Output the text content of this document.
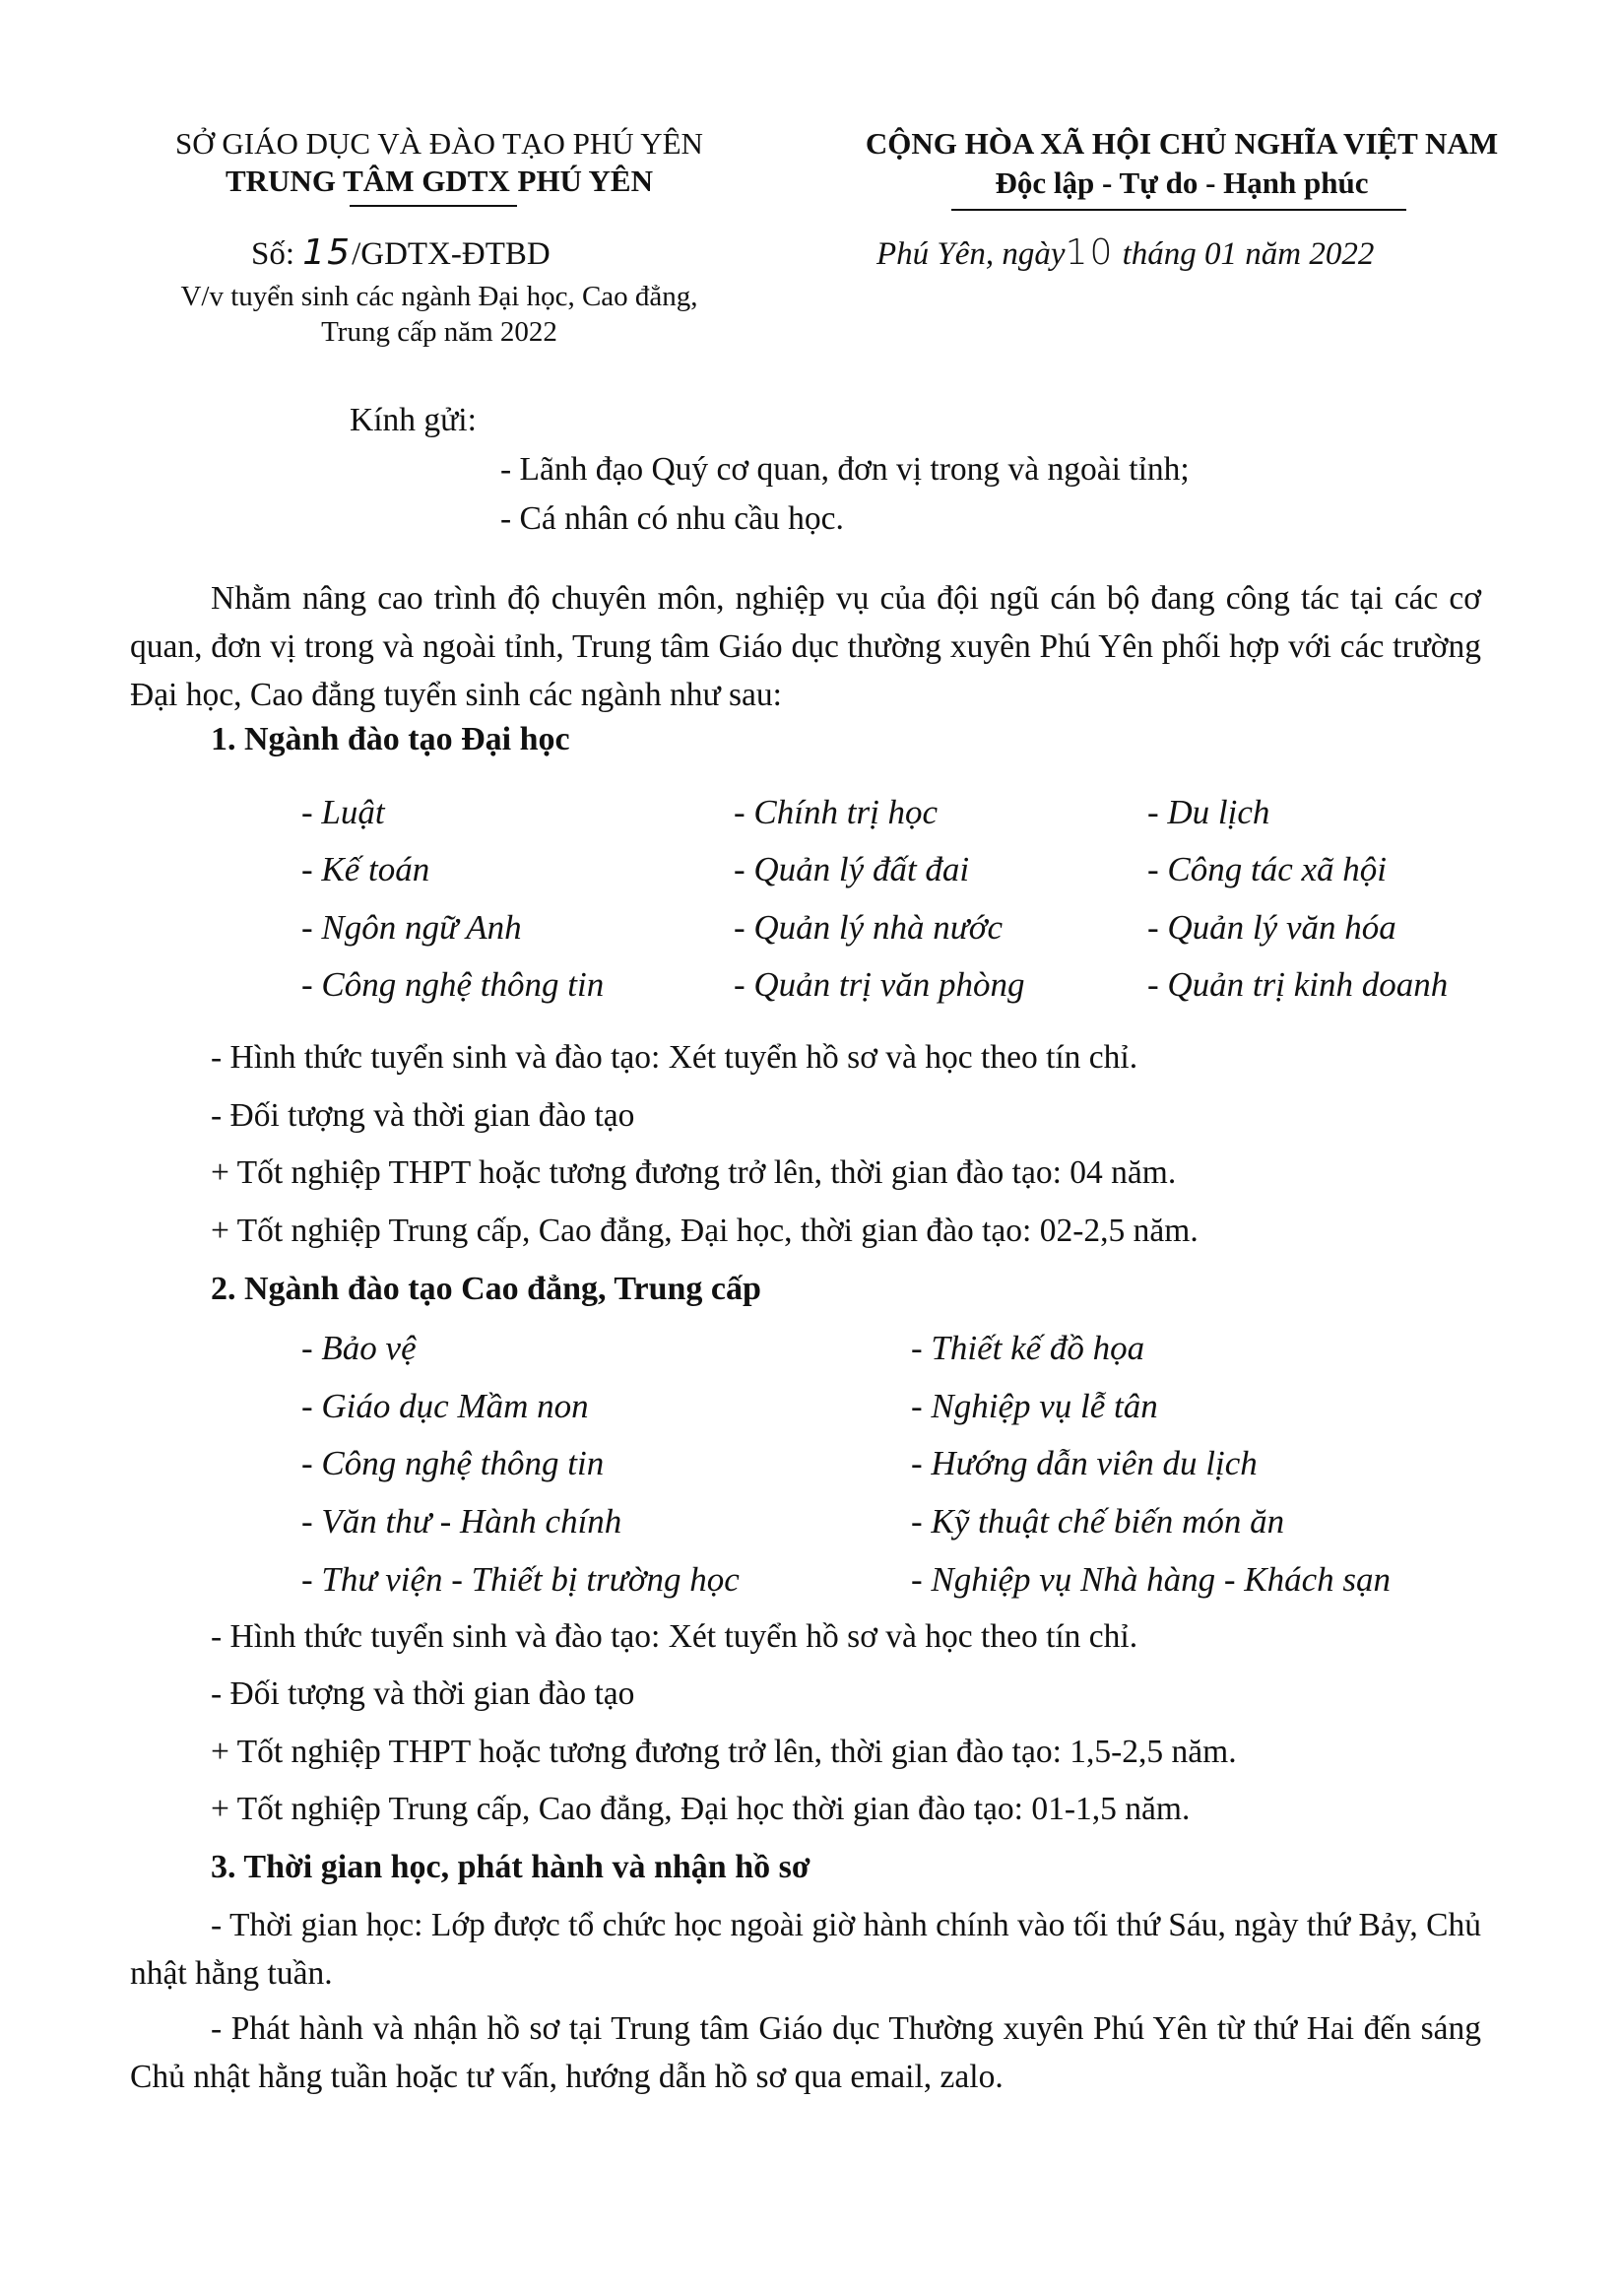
SỞ GIÁO DỤC VÀ ĐÀO TẠO PHÚ YÊN
TRUNG TÂM GDTX PHÚ YÊN
CỘNG HÒA XÃ HỘI CHỦ NGHĨA VIỆT NAM
Độc lập - Tự do - Hạnh phúc
Số: 15/GDTX-ĐTBD
V/v tuyển sinh các ngành Đại học, Cao đẳng,
Trung cấp năm 2022
Phú Yên, ngày10 tháng 01 năm 2022
Kính gửi:
- Lãnh đạo Quý cơ quan, đơn vị trong và ngoài tỉnh;
- Cá nhân có nhu cầu học.
Nhằm nâng cao trình độ chuyên môn, nghiệp vụ của đội ngũ cán bộ đang công tác tại các cơ quan, đơn vị trong và ngoài tỉnh, Trung tâm Giáo dục thường xuyên Phú Yên phối hợp với các trường Đại học, Cao đẳng tuyển sinh các ngành như sau:
1. Ngành đào tạo Đại học
- Luật	- Chính trị học	- Du lịch
- Kế toán	- Quản lý đất đai	- Công tác xã hội
- Ngôn ngữ Anh	- Quản lý nhà nước	- Quản lý văn hóa
- Công nghệ thông tin	- Quản trị văn phòng	- Quản trị kinh doanh
- Hình thức tuyển sinh và đào tạo: Xét tuyển hồ sơ và học theo tín chỉ.
- Đối tượng và thời gian đào tạo
+ Tốt nghiệp THPT hoặc tương đương trở lên, thời gian đào tạo: 04 năm.
+ Tốt nghiệp Trung cấp, Cao đẳng, Đại học, thời gian đào tạo: 02-2,5 năm.
2. Ngành đào tạo Cao đẳng, Trung cấp
- Bảo vệ	- Thiết kế đồ họa
- Giáo dục Mầm non	- Nghiệp vụ lễ tân
- Công nghệ thông tin	- Hướng dẫn viên du lịch
- Văn thư - Hành chính	- Kỹ thuật chế biến món ăn
- Thư viện - Thiết bị trường học	- Nghiệp vụ Nhà hàng - Khách sạn
- Hình thức tuyển sinh và đào tạo: Xét tuyển hồ sơ và học theo tín chỉ.
- Đối tượng và thời gian đào tạo
+ Tốt nghiệp THPT hoặc tương đương trở lên, thời gian đào tạo: 1,5-2,5 năm.
+ Tốt nghiệp Trung cấp, Cao đẳng, Đại học thời gian đào tạo: 01-1,5 năm.
3. Thời gian học, phát hành và nhận hồ sơ
- Thời gian học: Lớp được tổ chức học ngoài giờ hành chính vào tối thứ Sáu, ngày thứ Bảy, Chủ nhật hằng tuần.
- Phát hành và nhận hồ sơ tại Trung tâm Giáo dục Thường xuyên Phú Yên từ thứ Hai đến sáng Chủ nhật hằng tuần hoặc tư vấn, hướng dẫn hồ sơ qua email, zalo.
